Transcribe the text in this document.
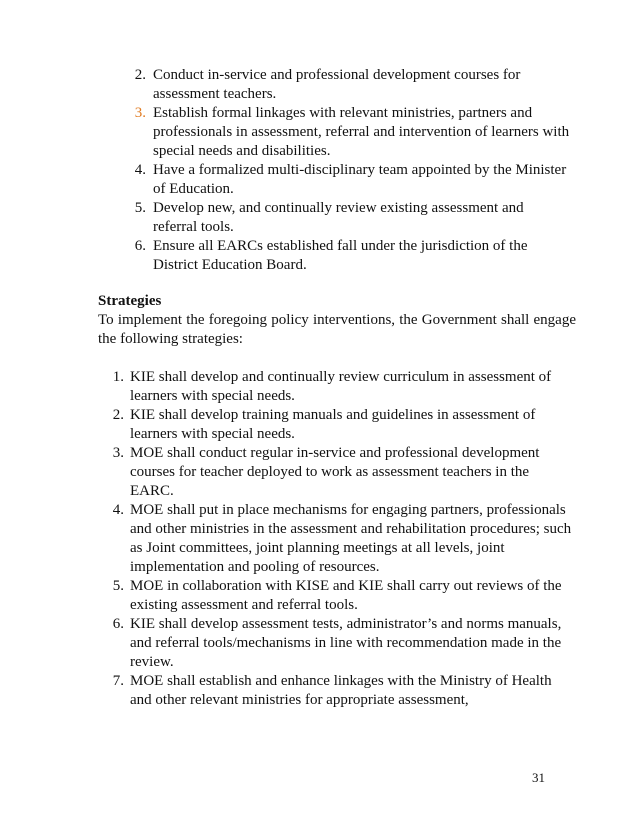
2. Conduct in-service and professional development courses for assessment teachers.
3. Establish formal linkages with relevant ministries, partners and professionals in assessment, referral and intervention of learners with special needs and disabilities.
4. Have a formalized multi-disciplinary team appointed by the Minister of Education.
5. Develop new, and continually review existing assessment and referral tools.
6. Ensure all EARCs established fall under the jurisdiction of the District Education Board.
Strategies
To implement the foregoing policy interventions, the Government shall engage the following strategies:
1. KIE shall develop and continually review curriculum in assessment of learners with special needs.
2. KIE shall develop training manuals and guidelines in assessment of learners with special needs.
3. MOE shall conduct regular in-service and professional development courses for teacher deployed to work as assessment teachers in the EARC.
4. MOE shall put in place mechanisms for engaging partners, professionals and other ministries in the assessment and rehabilitation procedures; such as Joint committees, joint planning meetings at all levels, joint implementation and pooling of resources.
5. MOE in collaboration with KISE and KIE shall carry out reviews of the existing assessment and referral tools.
6. KIE shall develop assessment tests, administrator’s and norms manuals, and referral tools/mechanisms in line with recommendation made in the review.
7. MOE shall establish and enhance linkages with the Ministry of Health and other relevant ministries for appropriate assessment,
31
